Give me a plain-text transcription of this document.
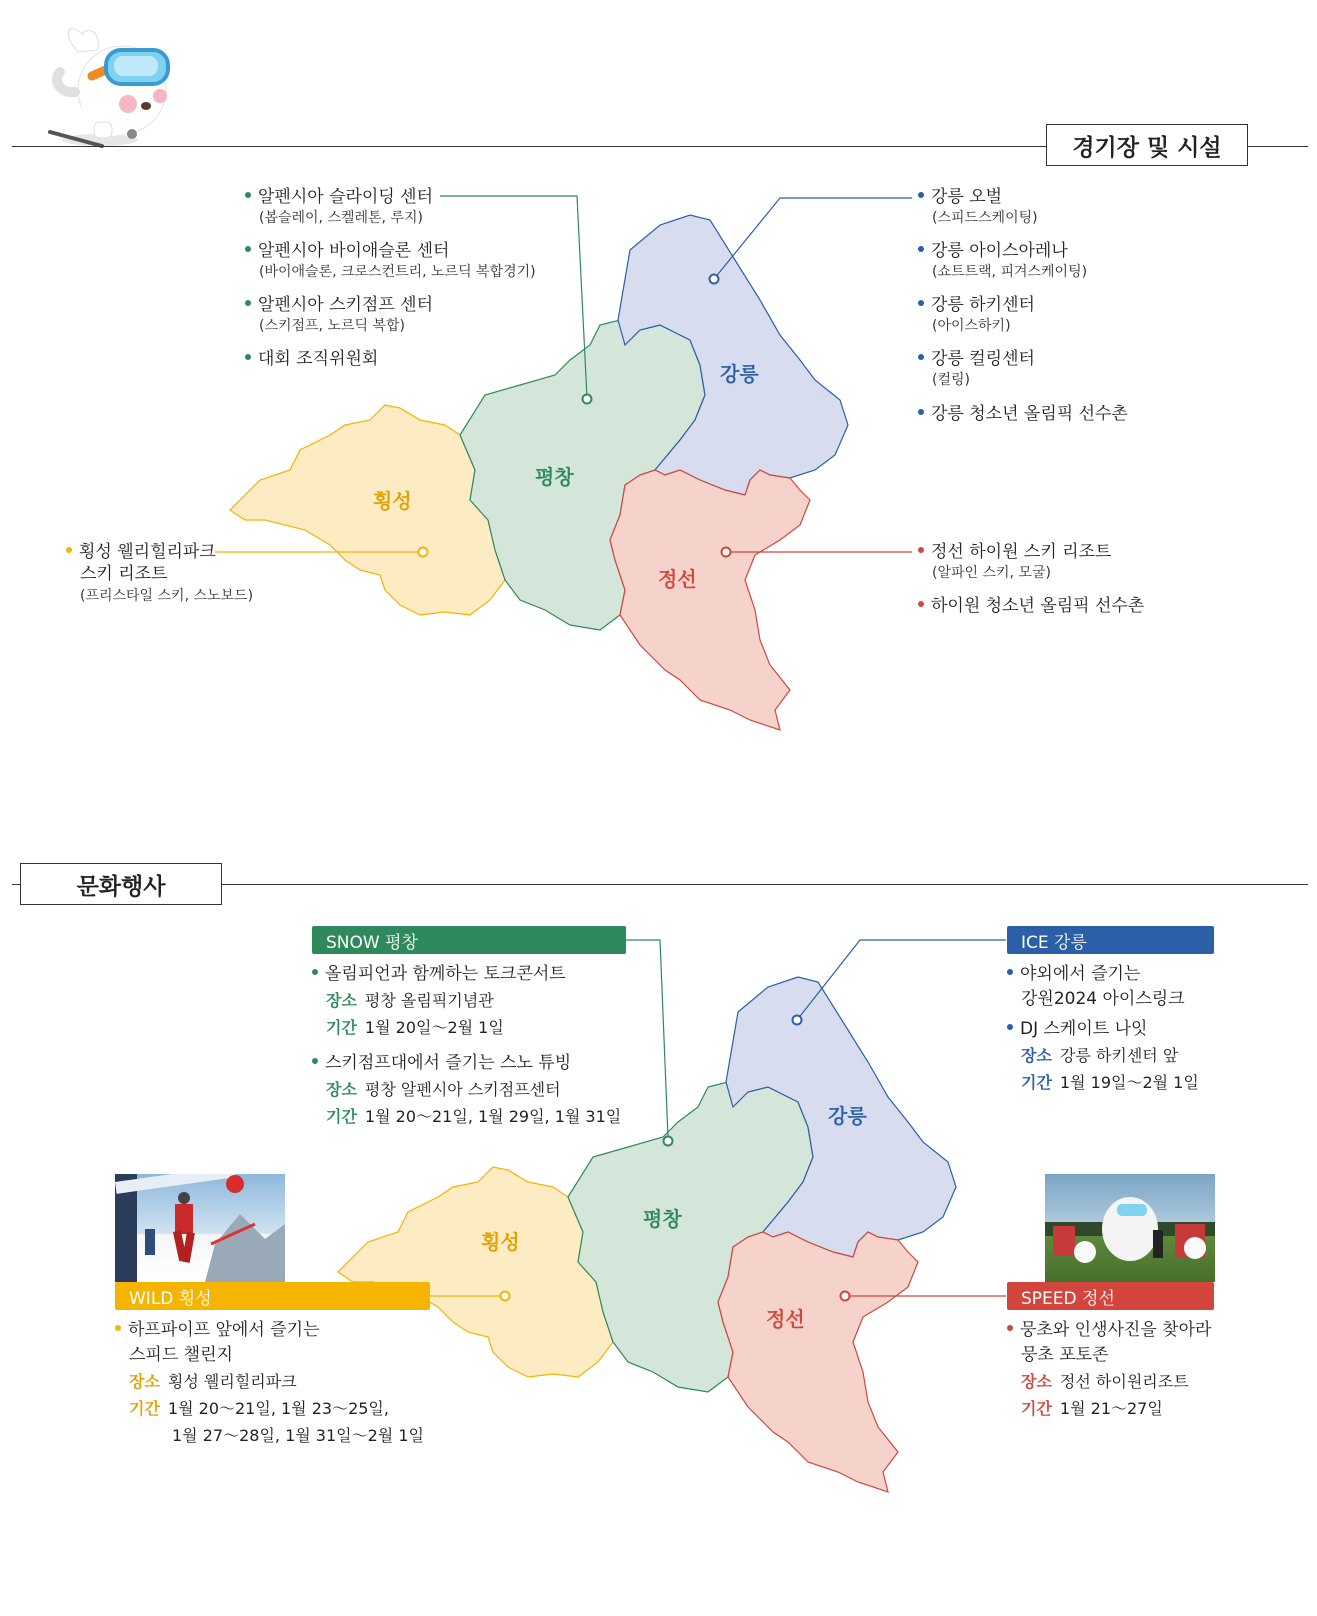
경기장 및 시설
강릉
평창
횡성
정선
알펜시아 슬라이딩 센터
(봅슬레이, 스켈레톤, 루지)
알펜시아 바이애슬론 센터
(바이애슬론, 크로스컨트리, 노르딕 복합경기)
알펜시아 스키점프 센터
(스키점프, 노르딕 복합)
대회 조직위원회
강릉 오벌
(스피드스케이팅)
강릉 아이스아레나
(쇼트트랙, 피겨스케이팅)
강릉 하키센터
(아이스하키)
강릉 컬링센터
(컬링)
강릉 청소년 올림픽 선수촌
횡성 웰리힐리파크
스키 리조트
(프리스타일 스키, 스노보드)
정선 하이원 스키 리조트
(알파인 스키, 모굴)
하이원 청소년 올림픽 선수촌
문화행사
강릉
평창
횡성
정선
SNOW 평창
올림피언과 함께하는 토크콘서트
장소 평창 올림픽기념관
기간 1월 20일～2월 1일
스키점프대에서 즐기는 스노 튜빙
장소 평창 알펜시아 스키점프센터
기간 1월 20～21일, 1월 29일, 1월 31일
ICE 강릉
야외에서 즐기는
강원2024 아이스링크
DJ 스케이트 나잇
장소 강릉 하키센터 앞
기간 1월 19일～2월 1일
WILD 횡성
하프파이프 앞에서 즐기는
스피드 챌린지
장소 횡성 웰리힐리파크
기간 1월 20～21일, 1월 23～25일,
1월 27～28일, 1월 31일～2월 1일
SPEED 정선
뭉초와 인생사진을 찾아라
뭉초 포토존
장소 정선 하이원리조트
기간 1월 21～27일
